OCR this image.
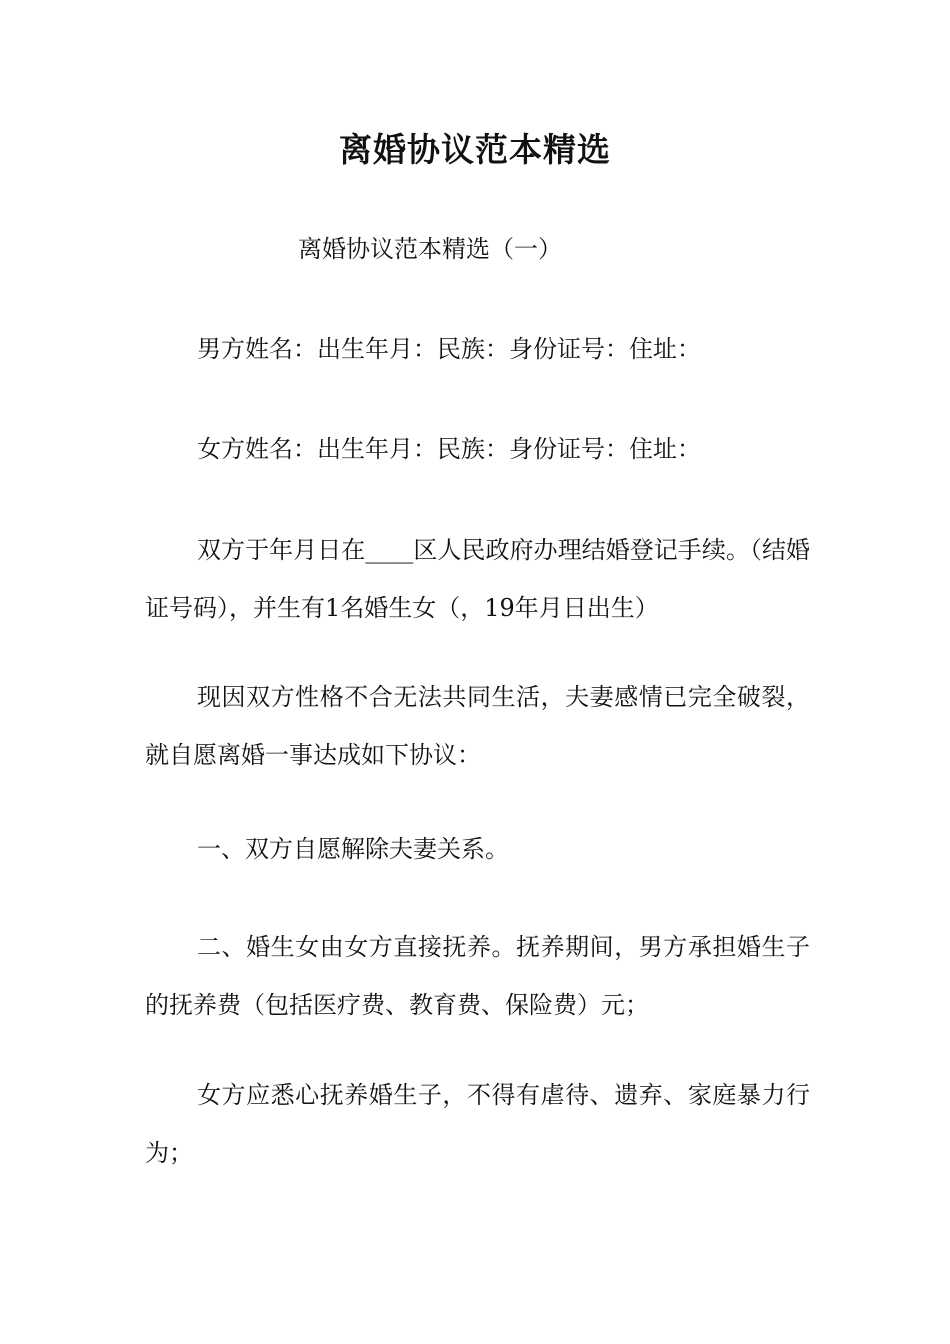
离婚协议范本精选
离婚协议范本精选（一）
男方姓名：出生年月：民族：身份证号：住址：
女方姓名：出生年月：民族：身份证号：住址：
双方于年月日在____区人民政府办理结婚登记手续。（结婚证号码），并生有1名婚生女（，19年月日出生）
现因双方性格不合无法共同生活，夫妻感情已完全破裂，就自愿离婚一事达成如下协议：
一、双方自愿解除夫妻关系。
二、婚生女由女方直接抚养。抚养期间，男方承担婚生子的抚养费（包括医疗费、教育费、保险费）元；
女方应悉心抚养婚生子，不得有虐待、遗弃、家庭暴力行为；
